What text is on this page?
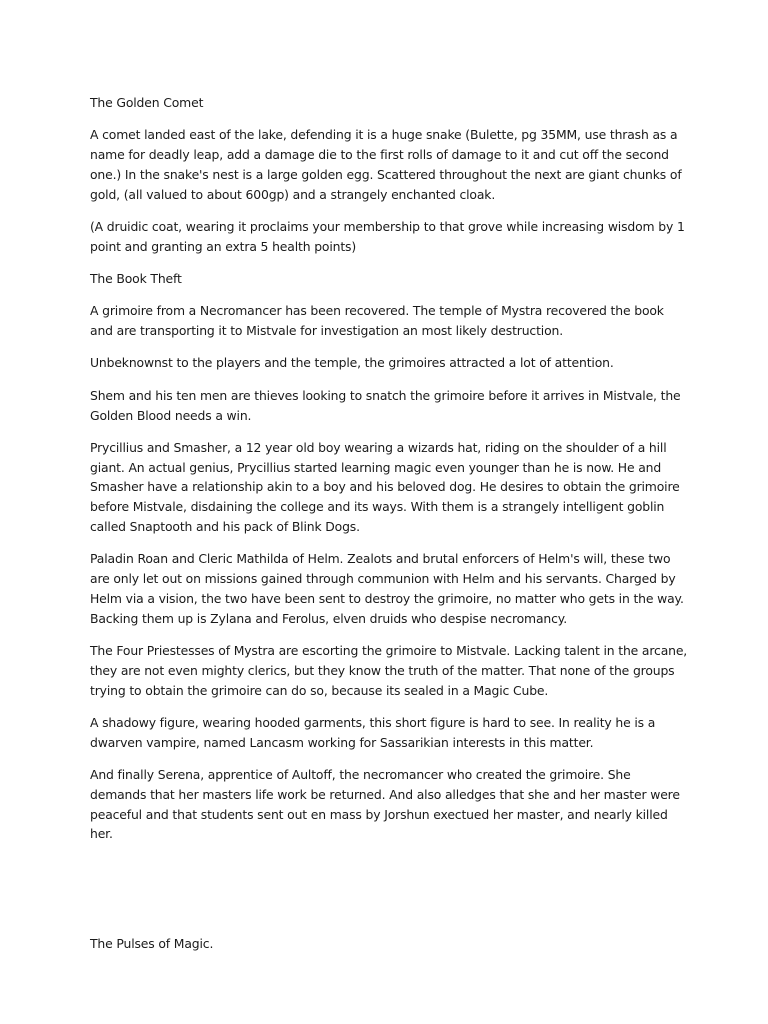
The Golden Comet

A comet landed east of the lake, defending it is a huge snake (Bulette, pg 35MM, use thrash as a name for deadly leap, add a damage die to the first rolls of damage to it and cut off the second one.) In the snake's nest is a large golden egg. Scattered throughout the next are giant chunks of gold, (all valued to about 600gp) and a strangely enchanted cloak.

(A druidic coat, wearing it proclaims your membership to that grove while increasing wisdom by 1 point and granting an extra 5 health points)

The Book Theft

A grimoire from a Necromancer has been recovered. The temple of Mystra recovered the book and are transporting it to Mistvale for investigation an most likely destruction.

Unbeknownst to the players and the temple, the grimoires attracted a lot of attention.

Shem and his ten men are thieves looking to snatch the grimoire before it arrives in Mistvale, the Golden Blood needs a win.

Prycillius and Smasher, a 12 year old boy wearing a wizards hat, riding on the shoulder of a hill giant. An actual genius, Prycillius started learning magic even younger than he is now. He and Smasher have a relationship akin to a boy and his beloved dog. He desires to obtain the grimoire before Mistvale, disdaining the college and its ways. With them is a strangely intelligent goblin called Snaptooth and his pack of Blink Dogs.

Paladin Roan and Cleric Mathilda of Helm. Zealots and brutal enforcers of Helm's will, these two are only let out on missions gained through communion with Helm and his servants. Charged by Helm via a vision, the two have been sent to destroy the grimoire, no matter who gets in the way. Backing them up is Zylana and Ferolus, elven druids who despise necromancy.

The Four Priestesses of Mystra are escorting the grimoire to Mistvale. Lacking talent in the arcane, they are not even mighty clerics, but they know the truth of the matter. That none of the groups trying to obtain the grimoire can do so, because its sealed in a Magic Cube.

A shadowy figure, wearing hooded garments, this short figure is hard to see. In reality he is a dwarven vampire, named Lancasm working for Sassarikian interests in this matter.

And finally Serena, apprentice of Aultoff, the necromancer who created the grimoire. She demands that her masters life work be returned. And also alledges that she and her master were peaceful and that students sent out en mass by Jorshun exectued her master, and nearly killed her.

The Pulses of Magic.
